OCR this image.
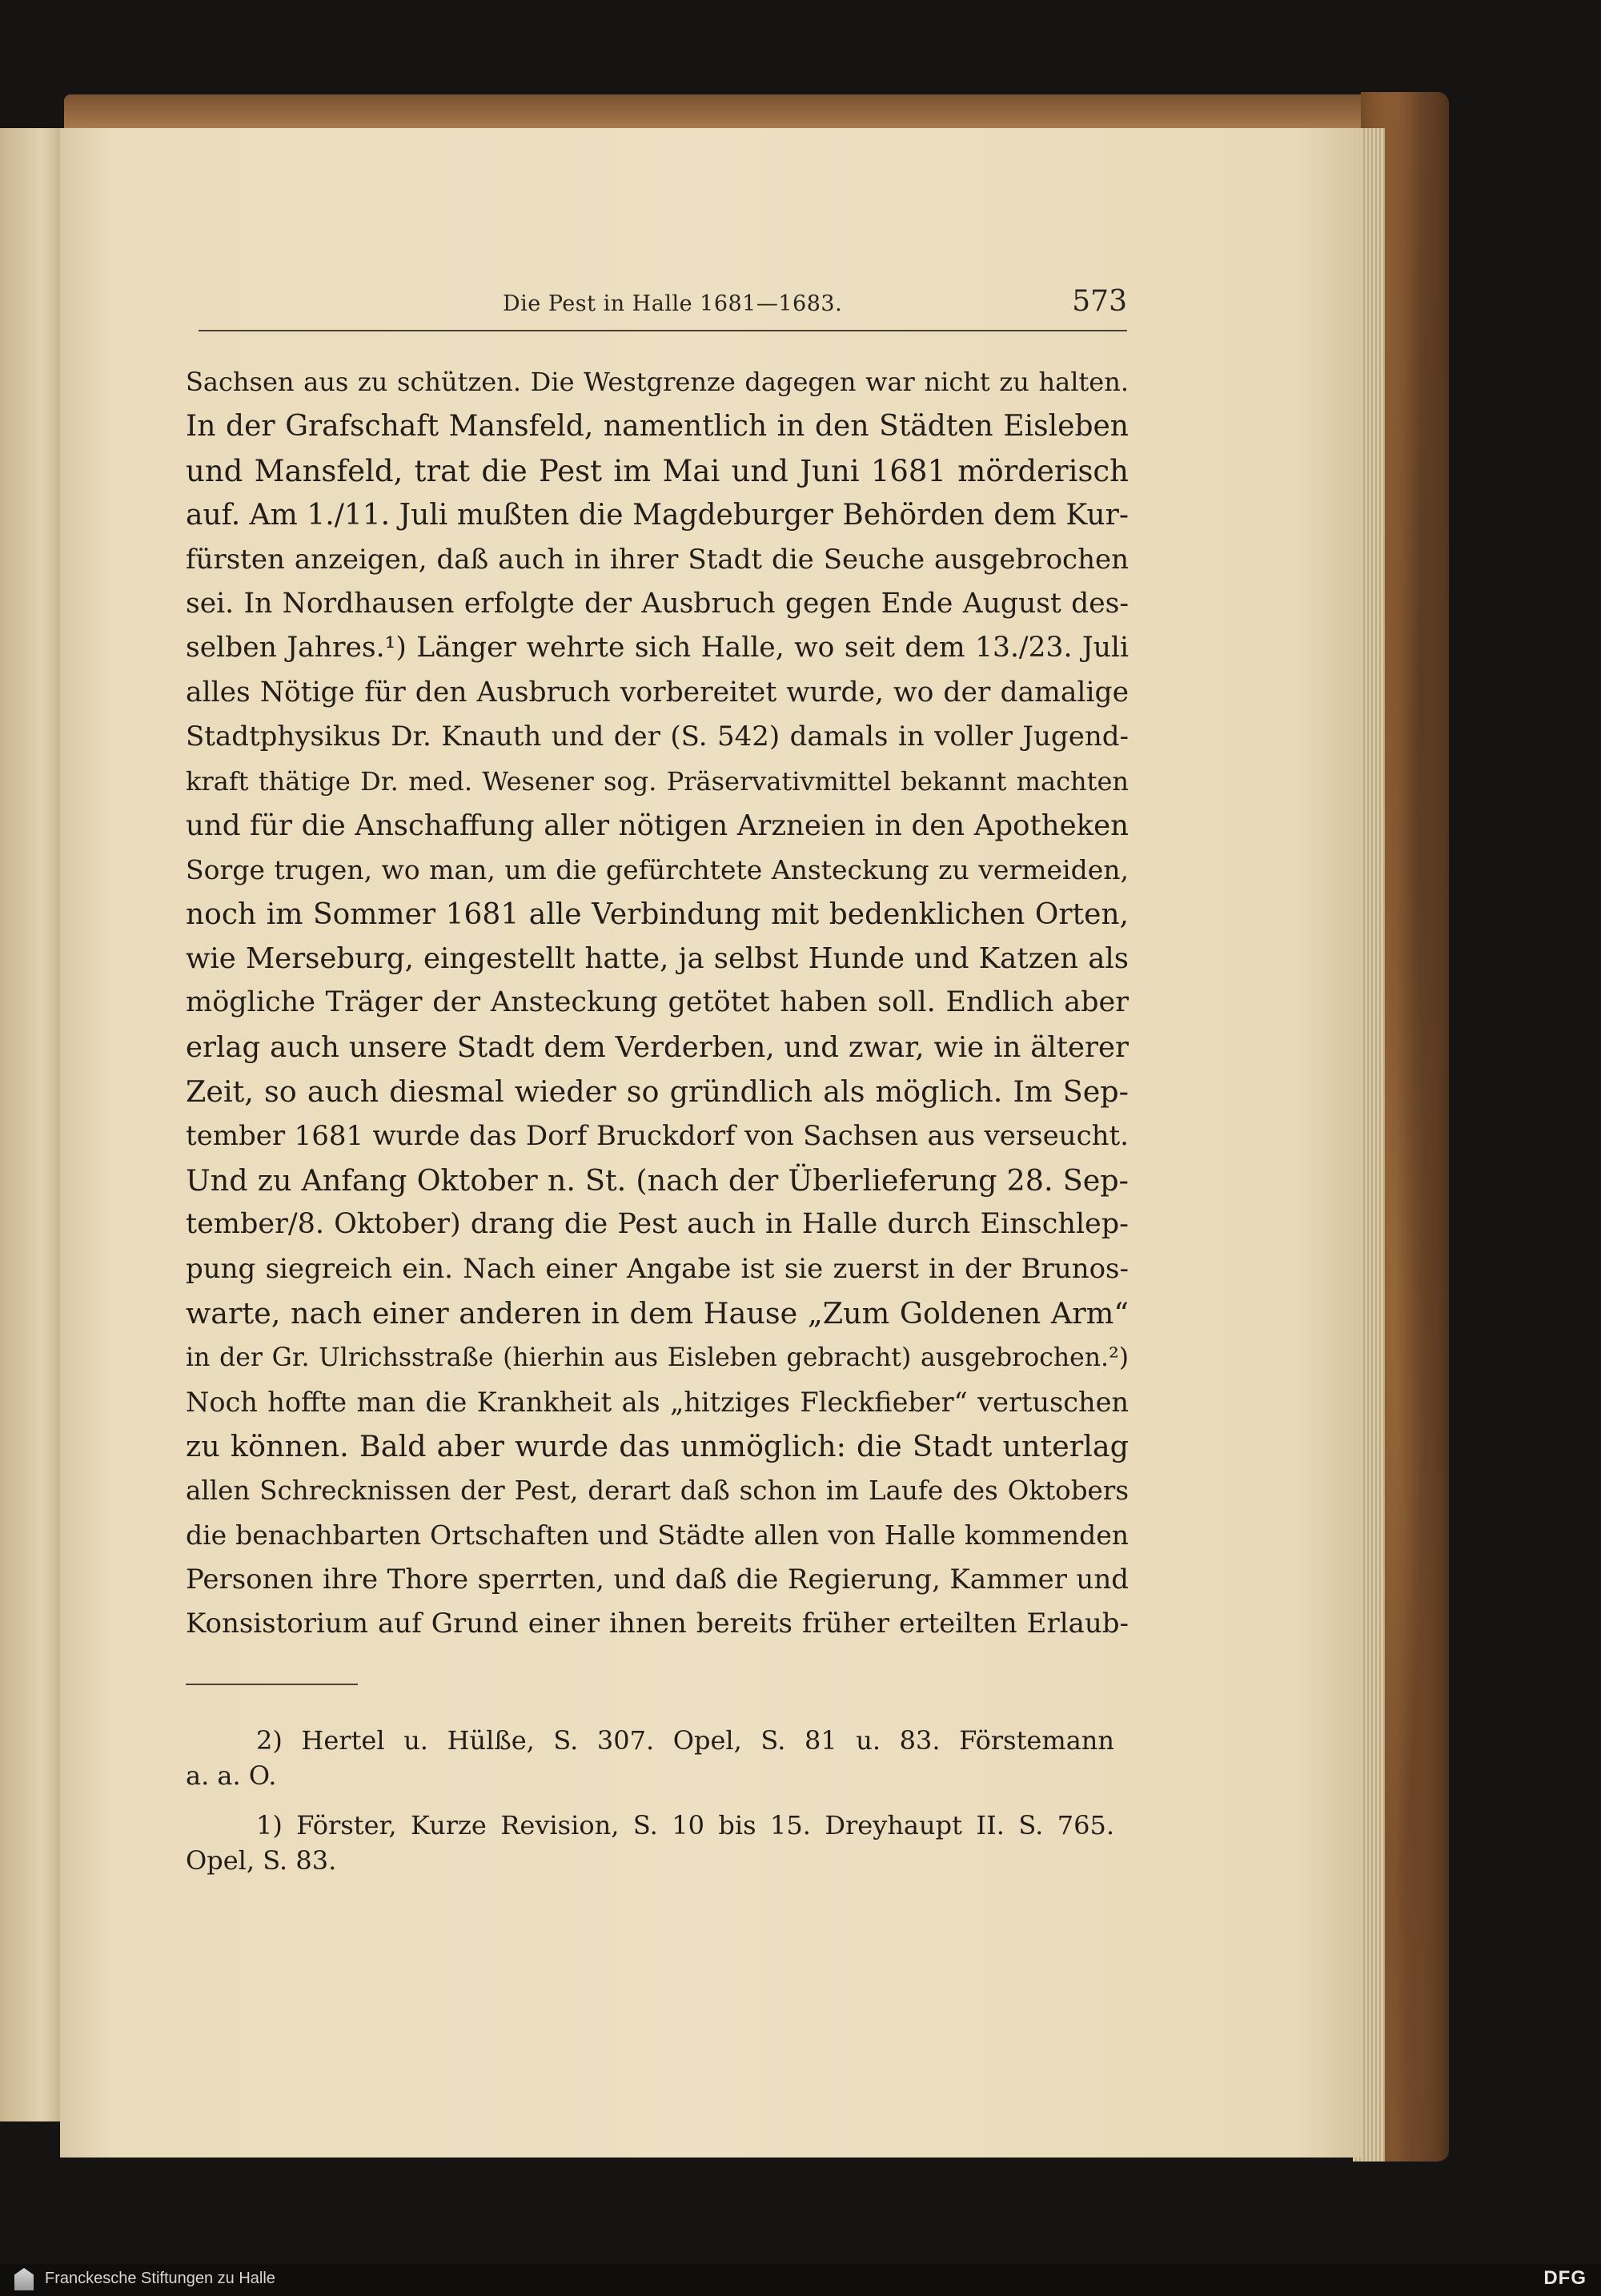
Die Pest in Halle 1681—1683.	573
Sachsen aus zu schützen. Die Westgrenze dagegen war nicht zu halten.
In der Grafschaft Mansfeld, namentlich in den Städten Eisleben
und Mansfeld, trat die Pest im Mai und Juni 1681 mörderisch
auf. Am 1./11. Juli mußten die Magdeburger Behörden dem Kur-
fürsten anzeigen, daß auch in ihrer Stadt die Seuche ausgebrochen
sei. In Nordhausen erfolgte der Ausbruch gegen Ende August des-
selben Jahres.¹) Länger wehrte sich Halle, wo seit dem 13./23. Juli
alles Nötige für den Ausbruch vorbereitet wurde, wo der damalige
Stadtphysikus Dr. Knauth und der (S. 542) damals in voller Jugend-
kraft thätige Dr. med. Wesener sog. Präservativmittel bekannt machten
und für die Anschaffung aller nötigen Arzneien in den Apotheken
Sorge trugen, wo man, um die gefürchtete Ansteckung zu vermeiden,
noch im Sommer 1681 alle Verbindung mit bedenklichen Orten,
wie Merseburg, eingestellt hatte, ja selbst Hunde und Katzen als
mögliche Träger der Ansteckung getötet haben soll. Endlich aber
erlag auch unsere Stadt dem Verderben, und zwar, wie in älterer
Zeit, so auch diesmal wieder so gründlich als möglich. Im Sep-
tember 1681 wurde das Dorf Bruckdorf von Sachsen aus verseucht.
Und zu Anfang Oktober n. St. (nach der Überlieferung 28. Sep-
tember/8. Oktober) drang die Pest auch in Halle durch Einschlep-
pung siegreich ein. Nach einer Angabe ist sie zuerst in der Brunos-
warte, nach einer anderen in dem Hause „Zum Goldenen Arm“
in der Gr. Ulrichsstraße (hierhin aus Eisleben gebracht) ausgebrochen.²)
Noch hoffte man die Krankheit als „hitziges Fleckfieber“ vertuschen
zu können. Bald aber wurde das unmöglich: die Stadt unterlag
allen Schrecknissen der Pest, derart daß schon im Laufe des Oktobers
die benachbarten Ortschaften und Städte allen von Halle kommenden
Personen ihre Thore sperrten, und daß die Regierung, Kammer und
Konsistorium auf Grund einer ihnen bereits früher erteilten Erlaub-
2) Hertel u. Hülße, S. 307. Opel, S. 81 u. 83. Förstemann
a. a. O.
1) Förster, Kurze Revision, S. 10 bis 15. Dreyhaupt II. S. 765.
Opel, S. 83.
Franckesche Stiftungen zu Halle	DFG
